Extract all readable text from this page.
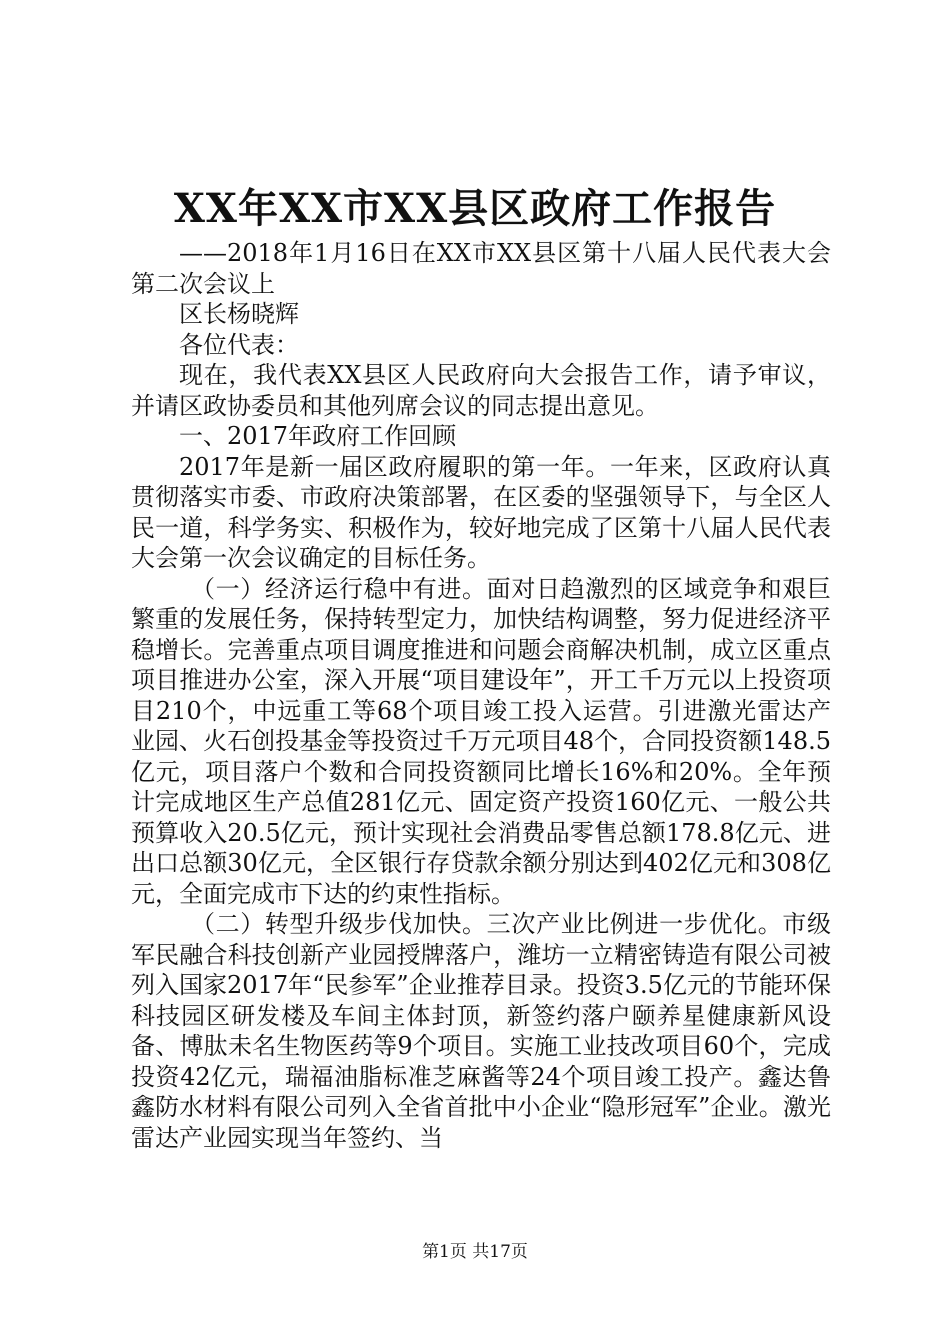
XX年XX市XX县区政府工作报告

——2018年1月16日在XX市XX县区第十八届人民代表大会第二次会议上

区长杨晓辉

各位代表：

现在，我代表XX县区人民政府向大会报告工作，请予审议，并请区政协委员和其他列席会议的同志提出意见。

一、2017年政府工作回顾

2017年是新一届区政府履职的第一年。一年来，区政府认真贯彻落实市委、市政府决策部署，在区委的坚强领导下，与全区人民一道，科学务实、积极作为，较好地完成了区第十八届人民代表大会第一次会议确定的目标任务。

（一）经济运行稳中有进。面对日趋激烈的区域竞争和艰巨繁重的发展任务，保持转型定力，加快结构调整，努力促进经济平稳增长。完善重点项目调度推进和问题会商解决机制，成立区重点项目推进办公室，深入开展“项目建设年”，开工千万元以上投资项目210个，中远重工等68个项目竣工投入运营。引进激光雷达产业园、火石创投基金等投资过千万元项目48个，合同投资额148.5亿元，项目落户个数和合同投资额同比增长16%和20%。全年预计完成地区生产总值281亿元、固定资产投资160亿元、一般公共预算收入20.5亿元，预计实现社会消费品零售总额178.8亿元、进出口总额30亿元，全区银行存贷款余额分别达到402亿元和308亿元，全面完成市下达的约束性指标。

（二）转型升级步伐加快。三次产业比例进一步优化。市级军民融合科技创新产业园授牌落户，潍坊一立精密铸造有限公司被列入国家2017年“民参军”企业推荐目录。投资3.5亿元的节能环保科技园区研发楼及车间主体封顶，新签约落户颐养星健康新风设备、博肽未名生物医药等9个项目。实施工业技改项目60个，完成投资42亿元，瑞福油脂标准芝麻酱等24个项目竣工投产。鑫达鲁鑫防水材料有限公司列入全省首批中小企业“隐形冠军”企业。激光雷达产业园实现当年签约、当

第1页 共17页
